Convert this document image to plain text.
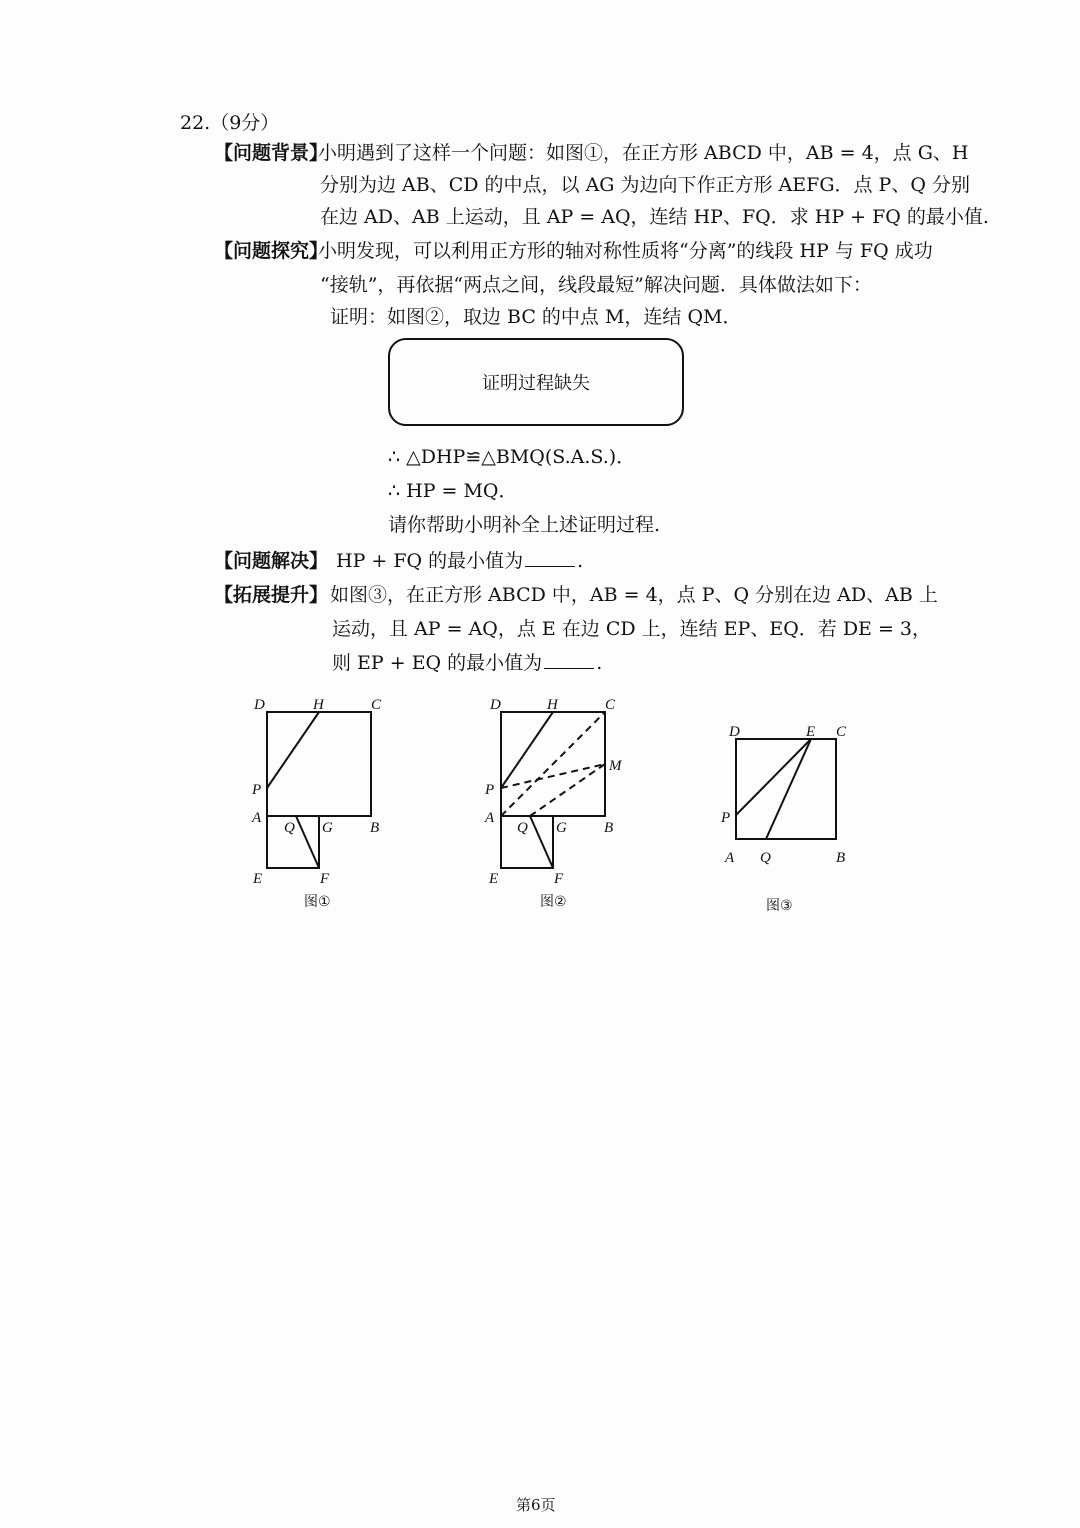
22.（9分）
【问题背景】
小明遇到了这样一个问题：如图①，在正方形 ABCD 中，AB = 4，点 G、H
分别为边 AB、CD 的中点，以 AG 为边向下作正方形 AEFG．点 P、Q 分别
在边 AD、AB 上运动，且 AP = AQ，连结 HP、FQ．求 HP + FQ 的最小值.
【问题探究】
小明发现，可以利用正方形的轴对称性质将“分离”的线段 HP 与 FQ 成功
“接轨”，再依据“两点之间，线段最短”解决问题．具体做法如下：
证明：如图②，取边 BC 的中点 M，连结 QM．
证明过程缺失
∴ △DHP≌△BMQ(S.A.S.)．
∴ HP = MQ．
请你帮助小明补全上述证明过程.
【问题解决】 HP + FQ 的最小值为	.
【拓展提升】 如图③，在正方形 ABCD 中，AB = 4，点 P、Q 分别在边 AD、AB 上
运动，且 AP = AQ，点 E 在边 CD 上，连结 EP、EQ．若 DE = 3，
则 EP + EQ 的最小值为	.
D	H	C
P
A
Q G B
E	F
图①
D	H	C
M
P
A
Q G B
E	F
图②
D	E C
P
A Q	B
图③
第6页
